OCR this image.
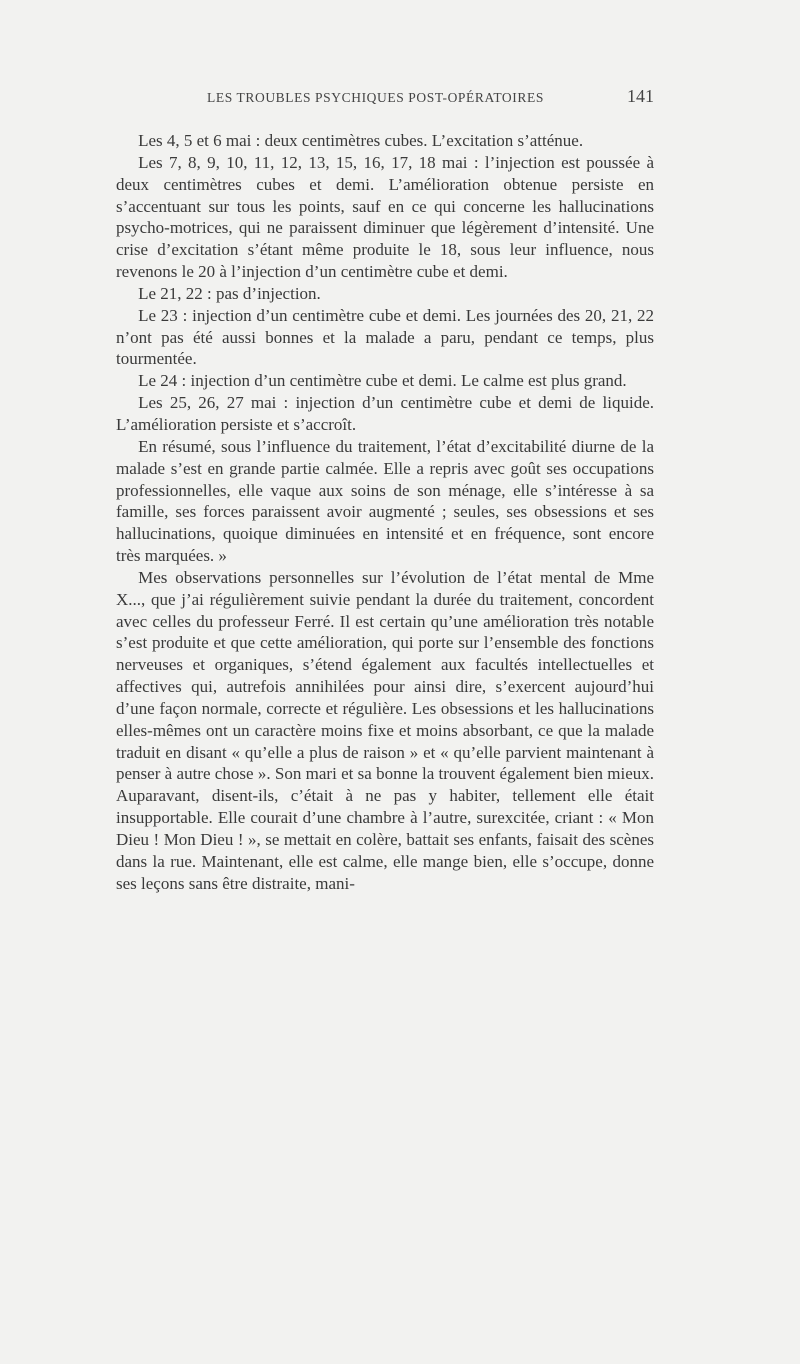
LES TROUBLES PSYCHIQUES POST-OPÉRATOIRES	141

Les 4, 5 et 6 mai : deux centimètres cubes. L’excitation s’atténue.

Les 7, 8, 9, 10, 11, 12, 13, 15, 16, 17, 18 mai : l’injection est poussée à deux centimètres cubes et demi. L’amélioration obtenue persiste en s’accentuant sur tous les points, sauf en ce qui concerne les hallucinations psycho-motrices, qui ne paraissent diminuer que légèrement d’intensité. Une crise d’excitation s’étant même produite le 18, sous leur influence, nous revenons le 20 à l’injection d’un centimètre cube et demi.

Le 21, 22 : pas d’injection.

Le 23 : injection d’un centimètre cube et demi. Les journées des 20, 21, 22 n’ont pas été aussi bonnes et la malade a paru, pendant ce temps, plus tourmentée.

Le 24 : injection d’un centimètre cube et demi. Le calme est plus grand.

Les 25, 26, 27 mai : injection d’un centimètre cube et demi de liquide. L’amélioration persiste et s’accroît.

En résumé, sous l’influence du traitement, l’état d’excitabilité diurne de la malade s’est en grande partie calmée. Elle a repris avec goût ses occupations professionnelles, elle vaque aux soins de son ménage, elle s’intéresse à sa famille, ses forces paraissent avoir augmenté ; seules, ses obsessions et ses hallucinations, quoique diminuées en intensité et en fréquence, sont encore très marquées. »

Mes observations personnelles sur l’évolution de l’état mental de Mme X..., que j’ai régulièrement suivie pendant la durée du traitement, concordent avec celles du professeur Ferré. Il est certain qu’une amélioration très notable s’est produite et que cette amélioration, qui porte sur l’ensemble des fonctions nerveuses et organiques, s’étend également aux facultés intellectuelles et affectives qui, autrefois annihilées pour ainsi dire, s’exercent aujourd’hui d’une façon normale, correcte et régulière. Les obsessions et les hallucinations elles-mêmes ont un caractère moins fixe et moins absorbant, ce que la malade traduit en disant « qu’elle a plus de raison » et « qu’elle parvient maintenant à penser à autre chose ». Son mari et sa bonne la trouvent également bien mieux. Auparavant, disent-ils, c’était à ne pas y habiter, tellement elle était insupportable. Elle courait d’une chambre à l’autre, surexcitée, criant : « Mon Dieu ! Mon Dieu ! », se mettait en colère, battait ses enfants, faisait des scènes dans la rue. Maintenant, elle est calme, elle mange bien, elle s’occupe, donne ses leçons sans être distraite, mani-
